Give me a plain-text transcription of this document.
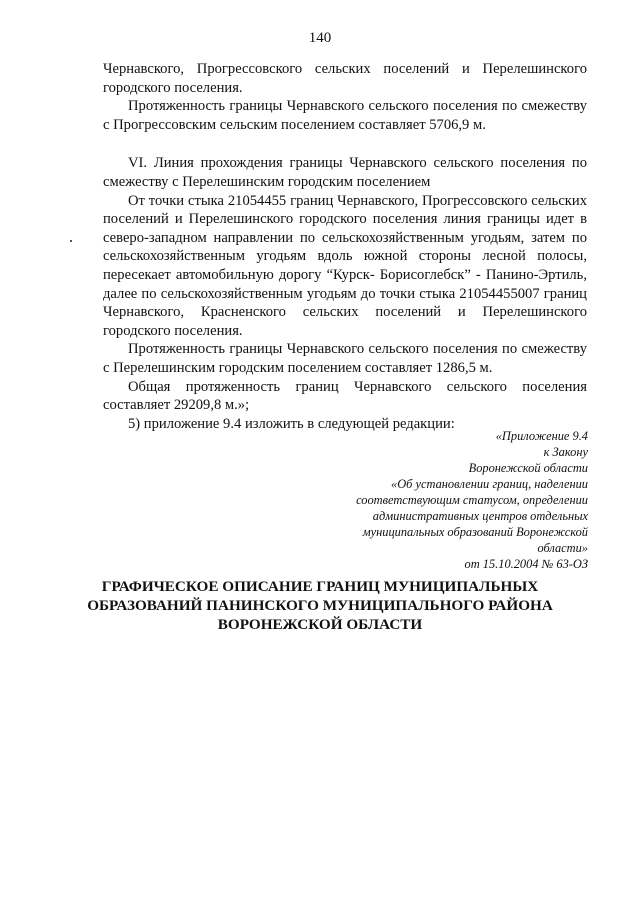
140

Чернавского, Прогрессовского сельских поселений и Перелешинского городского поселения.

Протяженность границы Чернавского сельского поселения по смежеству с Прогрессовским сельским поселением составляет 5706,9 м.

VI. Линия прохождения границы Чернавского сельского поселения по смежеству с Перелешинским городским поселением

От точки стыка 21054455 границ Чернавского, Прогрессовского сельских поселений и Перелешинского городского поселения линия границы идет в северо-западном направлении по сельскохозяйственным угодьям, затем по сельскохозяйственным угодьям вдоль южной стороны лесной полосы, пересекает автомобильную дорогу “Курск- Борисоглебск” - Панино-Эртиль, далее по сельскохозяйственным угодьям до точки стыка 21054455007 границ Чернавского, Красненского сельских поселений и Перелешинского городского поселения.

Протяженность границы Чернавского сельского поселения по смежеству с Перелешинским городским поселением составляет 1286,5 м.

Общая протяженность границ Чернавского сельского поселения составляет 29209,8 м.»;

5) приложение 9.4 изложить в следующей редакции:

«Приложение 9.4
к Закону
Воронежской области
«Об установлении границ, наделении
соответствующим статусом, определении
административных центров отдельных
муниципальных образований Воронежской
области»
от 15.10.2004 № 63-ОЗ
ГРАФИЧЕСКОЕ ОПИСАНИЕ ГРАНИЦ МУНИЦИПАЛЬНЫХ
ОБРАЗОВАНИЙ ПАНИНСКОГО МУНИЦИПАЛЬНОГО РАЙОНА
ВОРОНЕЖСКОЙ ОБЛАСТИ
